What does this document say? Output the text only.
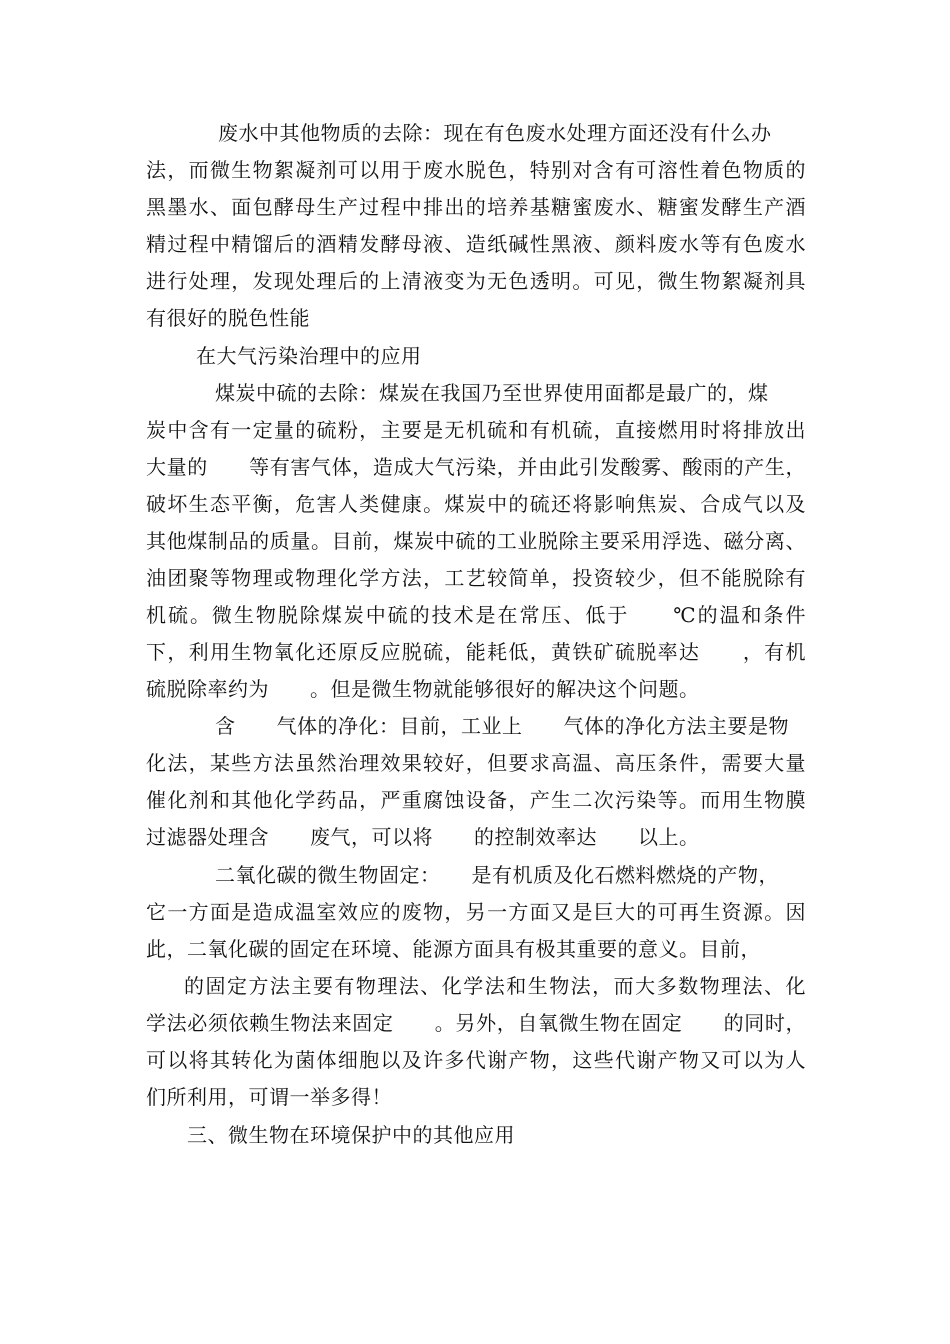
废水中其他物质的去除：现在有色废水处理方面还没有什么办
法，而微生物絮凝剂可以用于废水脱色，特别对含有可溶性着色物质的
黑墨水、面包酵母生产过程中排出的培养基糖蜜废水、糖蜜发酵生产酒
精过程中精馏后的酒精发酵母液、造纸碱性黑液、颜料废水等有色废水
进行处理，发现处理后的上清液变为无色透明。可见，微生物絮凝剂具
有很好的脱色性能
在大气污染治理中的应用
煤炭中硫的去除：煤炭在我国乃至世界使用面都是最广的，煤
炭中含有一定量的硫粉，主要是无机硫和有机硫，直接燃用时将排放出
大量的　　等有害气体，造成大气污染，并由此引发酸雾、酸雨的产生，
破坏生态平衡，危害人类健康。煤炭中的硫还将影响焦炭、合成气以及
其他煤制品的质量。目前，煤炭中硫的工业脱除主要采用浮选、磁分离、
油团聚等物理或物理化学方法，工艺较简单，投资较少，但不能脱除有
机硫。微生物脱除煤炭中硫的技术是在常压、低于　　℃的温和条件
下，利用生物氧化还原反应脱硫，能耗低，黄铁矿硫脱率达　　，有机
硫脱除率约为　　。但是微生物就能够很好的解决这个问题。
含　　气体的净化：目前，工业上　　气体的净化方法主要是物
化法，某些方法虽然治理效果较好，但要求高温、高压条件，需要大量
催化剂和其他化学药品，严重腐蚀设备，产生二次污染等。而用生物膜
过滤器处理含　　废气，可以将　　的控制效率达　　以上。
二氧化碳的微生物固定：　　是有机质及化石燃料燃烧的产物，
它一方面是造成温室效应的废物，另一方面又是巨大的可再生资源。因
此，二氧化碳的固定在环境、能源方面具有极其重要的意义。目前，
的固定方法主要有物理法、化学法和生物法，而大多数物理法、化
学法必须依赖生物法来固定　　。另外，自氧微生物在固定　　的同时，
可以将其转化为菌体细胞以及许多代谢产物，这些代谢产物又可以为人
们所利用，可谓一举多得！
三、微生物在环境保护中的其他应用
